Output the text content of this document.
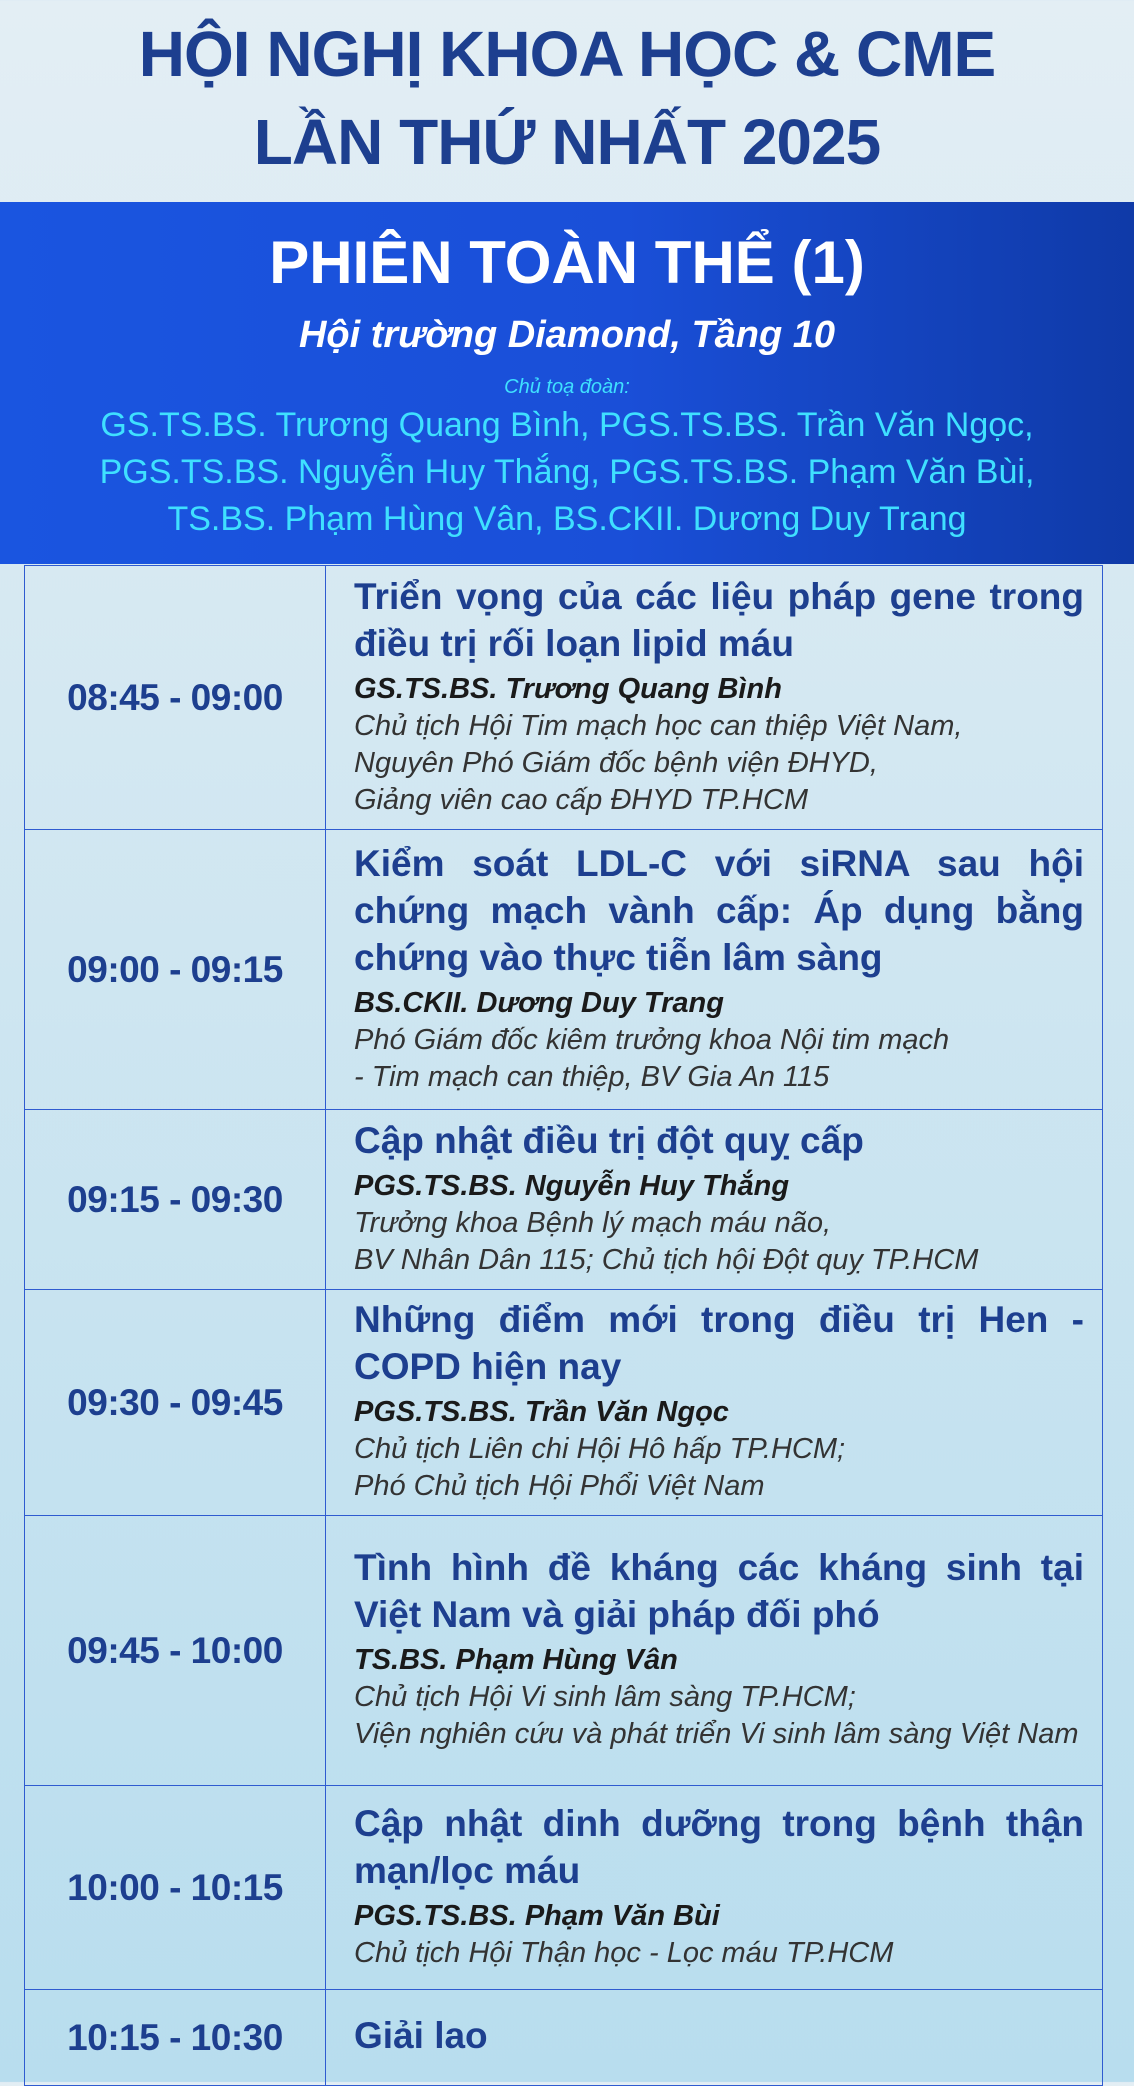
HỘI NGHỊ KHOA HỌC & CME
LẦN THỨ NHẤT 2025
PHIÊN TOÀN THỂ (1)
Hội trường Diamond, Tầng 10
Chủ toạ đoàn:
GS.TS.BS. Trương Quang Bình, PGS.TS.BS. Trần Văn Ngọc,
PGS.TS.BS. Nguyễn Huy Thắng, PGS.TS.BS. Phạm Văn Bùi,
TS.BS. Phạm Hùng Vân, BS.CKII. Dương Duy Trang
08:45 - 09:00	Triển vọng của các liệu pháp gene trong điều trị rối loạn lipid máu
GS.TS.BS. Trương Quang Bình
Chủ tịch Hội Tim mạch học can thiệp Việt Nam,
Nguyên Phó Giám đốc bệnh viện ĐHYD,
Giảng viên cao cấp ĐHYD TP.HCM

09:00 - 09:15	Kiểm soát LDL-C với siRNA sau hội chứng mạch vành cấp: Áp dụng bằng chứng vào thực tiễn lâm sàng
BS.CKII. Dương Duy Trang
Phó Giám đốc kiêm trưởng khoa Nội tim mạch
- Tim mạch can thiệp, BV Gia An 115

09:15 - 09:30	Cập nhật điều trị đột quỵ cấp
PGS.TS.BS. Nguyễn Huy Thắng
Trưởng khoa Bệnh lý mạch máu não,
BV Nhân Dân 115; Chủ tịch hội Đột quỵ TP.HCM

09:30 - 09:45	Những điểm mới trong điều trị Hen - COPD hiện nay
PGS.TS.BS. Trần Văn Ngọc
Chủ tịch Liên chi Hội Hô hấp TP.HCM;
Phó Chủ tịch Hội Phổi Việt Nam

09:45 - 10:00	Tình hình đề kháng các kháng sinh tại Việt Nam và giải pháp đối phó
TS.BS. Phạm Hùng Vân
Chủ tịch Hội Vi sinh lâm sàng TP.HCM;
Viện nghiên cứu và phát triển Vi sinh lâm sàng Việt Nam

10:00 - 10:15	Cập nhật dinh dưỡng trong bệnh thận mạn/lọc máu
PGS.TS.BS. Phạm Văn Bùi
Chủ tịch Hội Thận học - Lọc máu TP.HCM

10:15 - 10:30	Giải lao
